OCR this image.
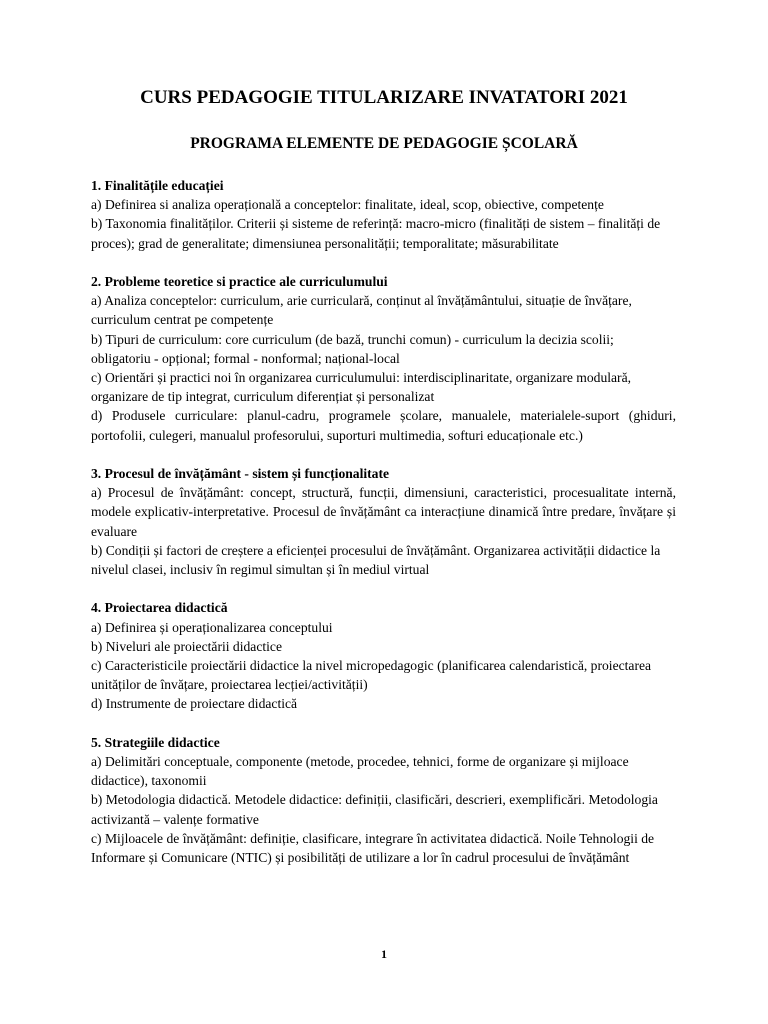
CURS PEDAGOGIE TITULARIZARE INVATATORI 2021
PROGRAMA ELEMENTE DE PEDAGOGIE ȘCOLARĂ
1. Finalitățile educației
a) Definirea si analiza operațională a conceptelor: finalitate, ideal, scop, obiective, competențe
b) Taxonomia finalităților. Criterii și sisteme de referință: macro-micro (finalități de sistem – finalități de proces); grad de generalitate; dimensiunea personalității; temporalitate; măsurabilitate
2. Probleme teoretice si practice ale curriculumului
a) Analiza conceptelor: curriculum, arie curriculară, conținut al învățământului, situație de învățare, curriculum centrat pe competențe
b) Tipuri de curriculum: core curriculum (de bază, trunchi comun) - curriculum la decizia scolii; obligatoriu - opțional; formal - nonformal; național-local
c) Orientări și practici noi în organizarea curriculumului: interdisciplinaritate, organizare modulară, organizare de tip integrat, curriculum diferențiat și personalizat
d) Produsele curriculare: planul-cadru, programele școlare, manualele, materialele-suport (ghiduri, portofolii, culegeri, manualul profesorului, suporturi multimedia, softuri educaționale etc.)
3. Procesul de învățământ - sistem și funcționalitate
a) Procesul de învățământ: concept, structură, funcții, dimensiuni, caracteristici, procesualitate internă, modele explicativ-interpretative. Procesul de învățământ ca interacțiune dinamică între predare, învățare și evaluare
b) Condiții și factori de creștere a eficienței procesului de învățământ. Organizarea activității didactice la nivelul clasei, inclusiv în regimul simultan și în mediul virtual
4. Proiectarea didactică
a) Definirea și operaționalizarea conceptului
b) Niveluri ale proiectării didactice
c) Caracteristicile proiectării didactice la nivel micropedagogic (planificarea calendaristică, proiectarea unităților de învățare, proiectarea lecției/activității)
d) Instrumente de proiectare didactică
5. Strategiile didactice
a) Delimitări conceptuale, componente (metode, procedee, tehnici, forme de organizare și mijloace didactice), taxonomii
b) Metodologia didactică. Metodele didactice: definiții, clasificări, descrieri, exemplificări. Metodologia activizantă – valențe formative
c) Mijloacele de învățământ: definiție, clasificare, integrare în activitatea didactică. Noile Tehnologii de Informare și Comunicare (NTIC) și posibilități de utilizare a lor în cadrul procesului de învățământ
1
